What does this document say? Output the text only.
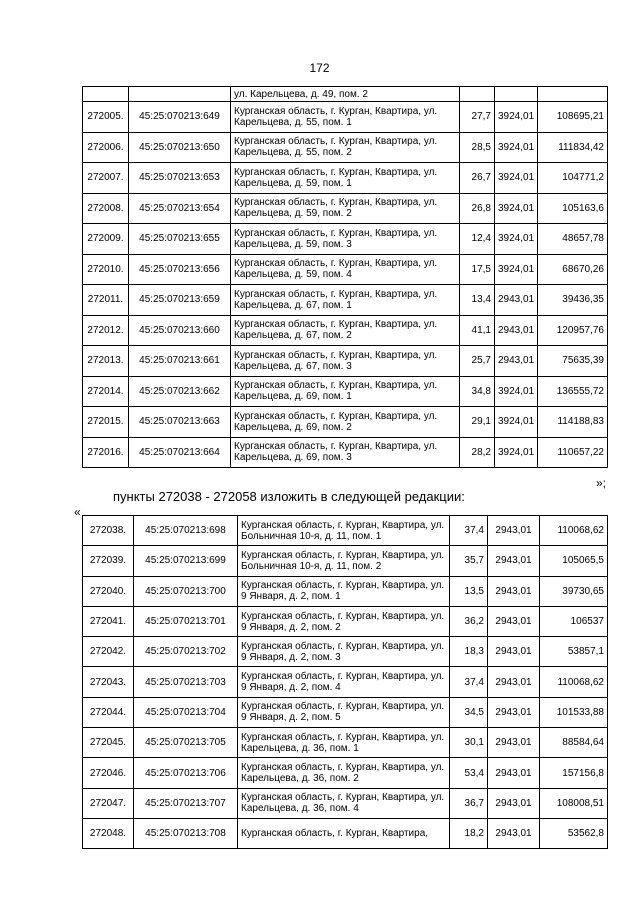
172
		ул. Карельцева, д. 49, пом. 2			
272005.	45:25:070213:649	Курганская область, г. Курган, Квартира, ул. Карельцева, д. 55, пом. 1	27,7	3924,01	108695,21
272006.	45:25:070213:650	Курганская область, г. Курган, Квартира, ул. Карельцева, д. 55, пом. 2	28,5	3924,01	111834,42
272007.	45:25:070213:653	Курганская область, г. Курган, Квартира, ул. Карельцева, д. 59, пом. 1	26,7	3924,01	104771,2
272008.	45:25:070213:654	Курганская область, г. Курган, Квартира, ул. Карельцева, д. 59, пом. 2	26,8	3924,01	105163,6
272009.	45:25:070213:655	Курганская область, г. Курган, Квартира, ул. Карельцева, д. 59, пом. 3	12,4	3924,01	48657,78
272010.	45:25:070213:656	Курганская область, г. Курган, Квартира, ул. Карельцева, д. 59, пом. 4	17,5	3924,01	68670,26
272011.	45:25:070213:659	Курганская область, г. Курган, Квартира, ул. Карельцева, д. 67, пом. 1	13,4	2943,01	39436,35
272012.	45:25:070213:660	Курганская область, г. Курган, Квартира, ул. Карельцева, д. 67, пом. 2	41,1	2943,01	120957,76
272013.	45:25:070213:661	Курганская область, г. Курган, Квартира, ул. Карельцева, д. 67, пом. 3	25,7	2943,01	75635,39
272014.	45:25:070213:662	Курганская область, г. Курган, Квартира, ул. Карельцева, д. 69, пом. 1	34,8	3924,01	136555,72
272015.	45:25:070213:663	Курганская область, г. Курган, Квартира, ул. Карельцева, д. 69, пом. 2	29,1	3924,01	114188,83
272016.	45:25:070213:664	Курганская область, г. Курган, Квартира, ул. Карельцева, д. 69, пом. 3	28,2	3924,01	110657,22
»;
пункты 272038 - 272058 изложить в следующей редакции:
«
272038.	45:25:070213:698	Курганская область, г. Курган, Квартира, ул. Больничная 10-я, д. 11, пом. 1	37,4	2943,01	110068,62
272039.	45:25:070213:699	Курганская область, г. Курган, Квартира, ул. Больничная 10-я, д. 11, пом. 2	35,7	2943,01	105065,5
272040.	45:25:070213:700	Курганская область, г. Курган, Квартира, ул. 9 Января, д. 2, пом. 1	13,5	2943,01	39730,65
272041.	45:25:070213:701	Курганская область, г. Курган, Квартира, ул. 9 Января, д. 2, пом. 2	36,2	2943,01	106537
272042.	45:25:070213:702	Курганская область, г. Курган, Квартира, ул. 9 Января, д. 2, пом. 3	18,3	2943,01	53857,1
272043.	45:25:070213:703	Курганская область, г. Курган, Квартира, ул. 9 Января, д. 2, пом. 4	37,4	2943,01	110068,62
272044.	45:25:070213:704	Курганская область, г. Курган, Квартира, ул. 9 Января, д. 2, пом. 5	34,5	2943,01	101533,88
272045.	45:25:070213:705	Курганская область, г. Курган, Квартира, ул. Карельцева, д. 36, пом. 1	30,1	2943,01	88584,64
272046.	45:25:070213:706	Курганская область, г. Курган, Квартира, ул. Карельцева, д. 36, пом. 2	53,4	2943,01	157156,8
272047.	45:25:070213:707	Курганская область, г. Курган, Квартира, ул. Карельцева, д. 36, пом. 4	36,7	2943,01	108008,51
272048.	45:25:070213:708	Курганская область, г. Курган, Квартира,	18,2	2943,01	53562,8
